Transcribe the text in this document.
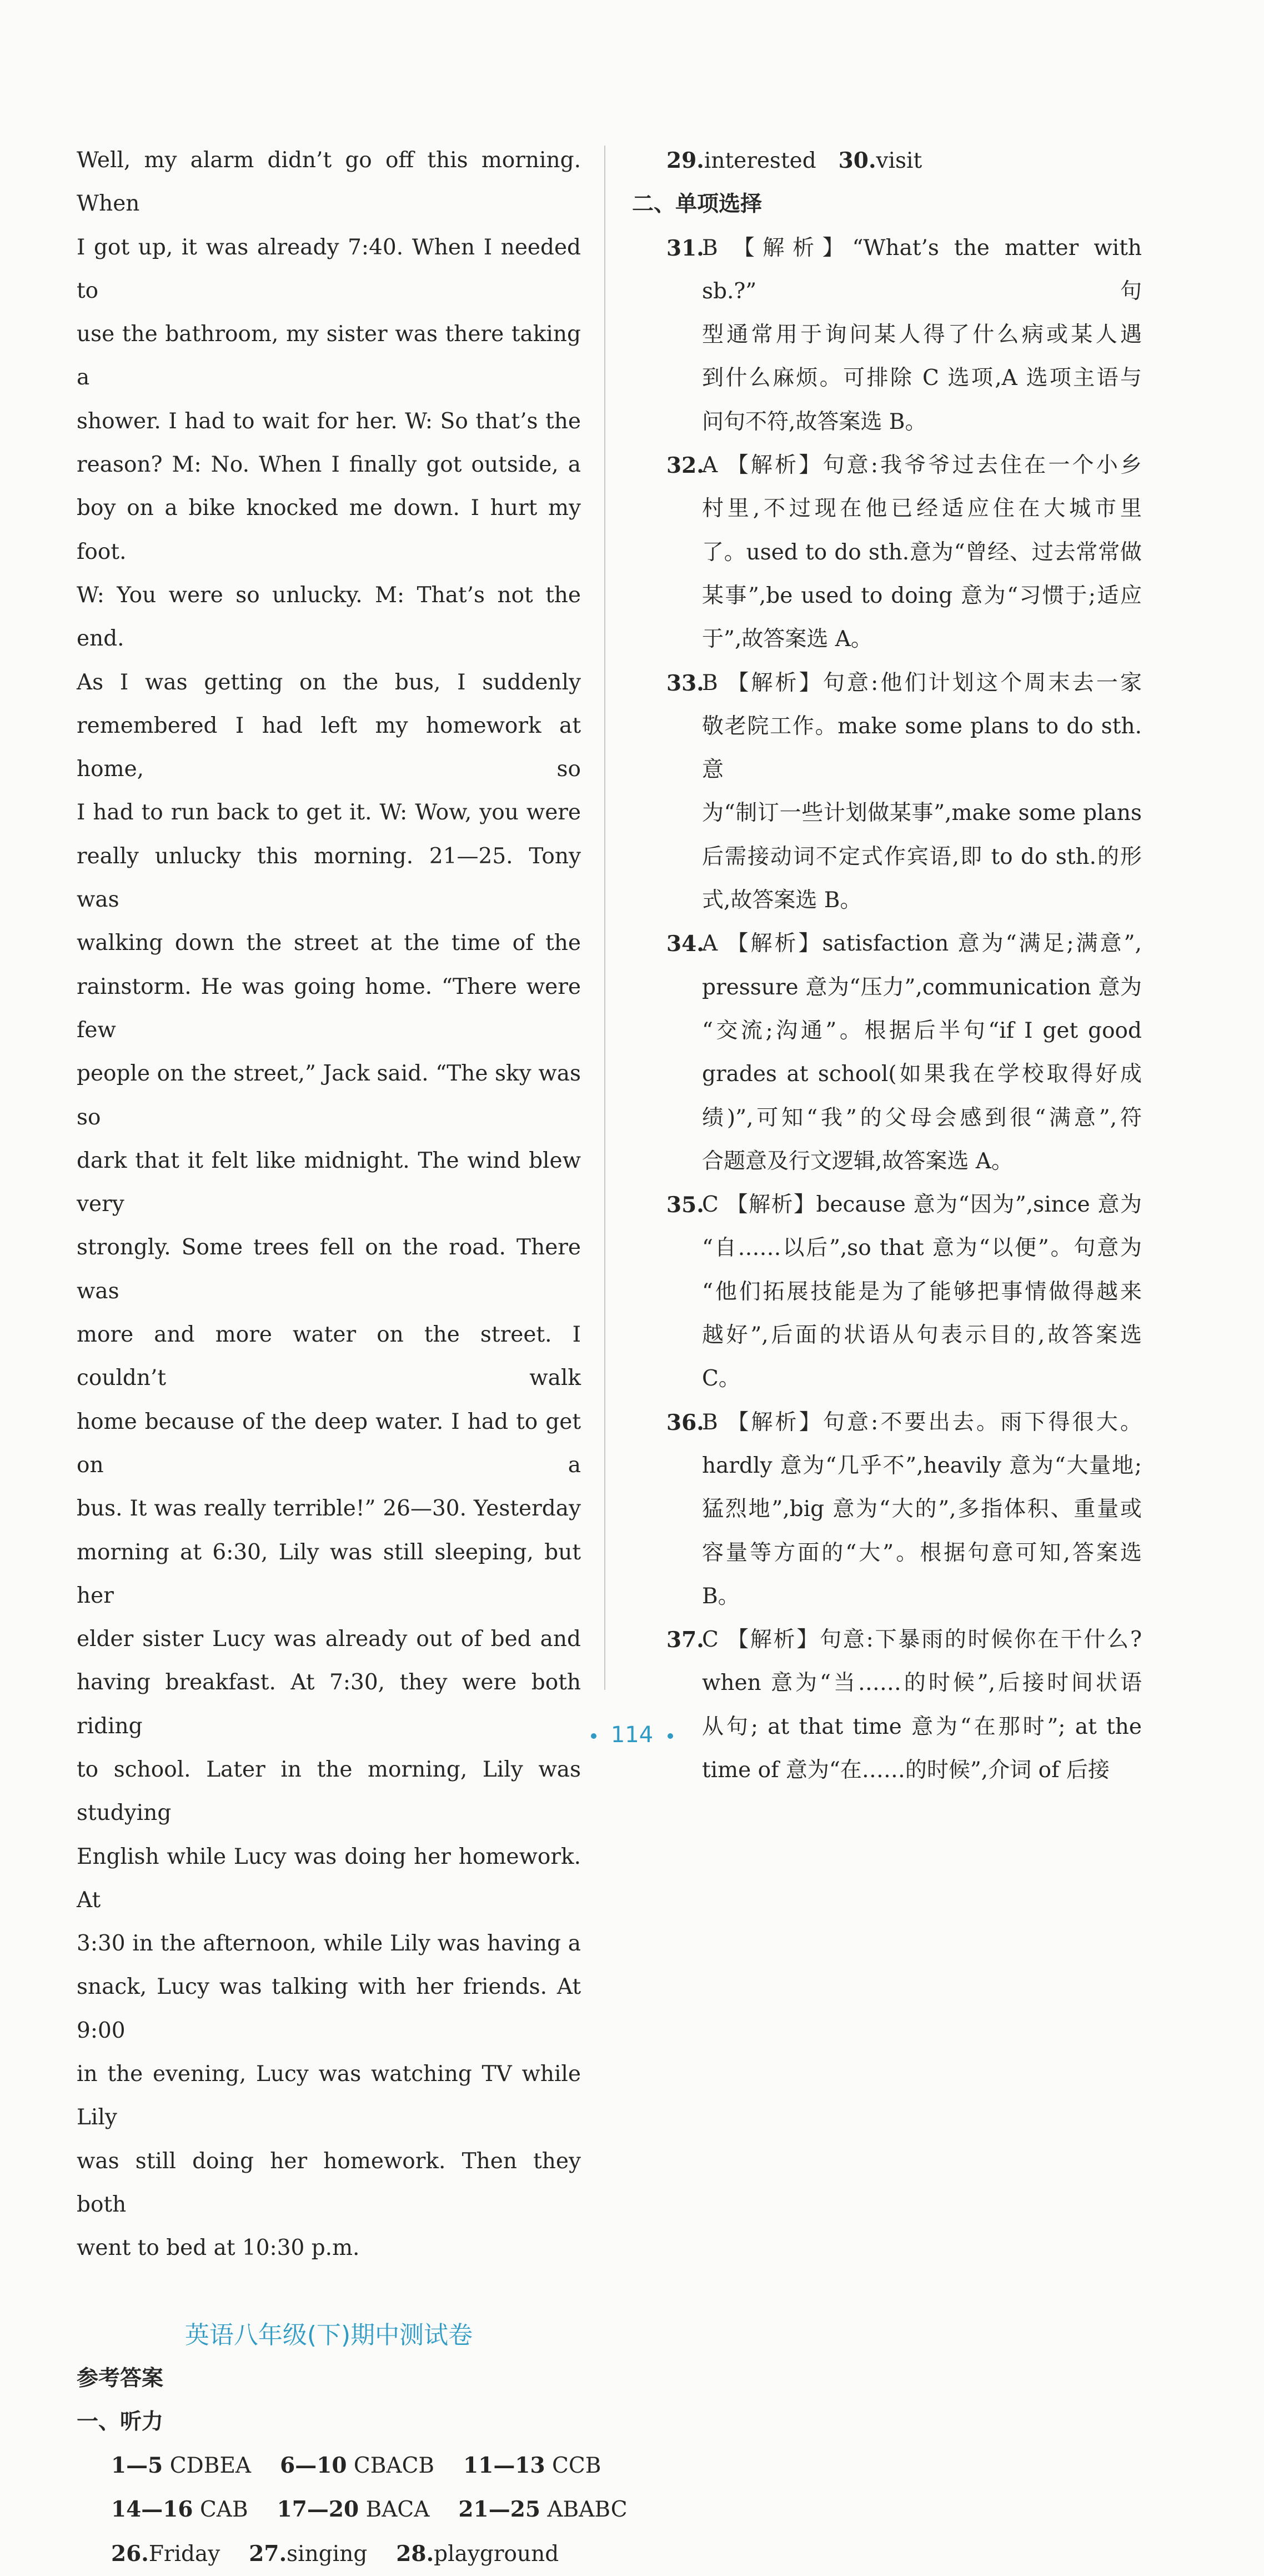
Well, my alarm didn’t go off this morning. When

I got up, it was already 7:40. When I needed to

use the bathroom, my sister was there taking a

shower. I had to wait for her. W: So that’s the

reason? M: No. When I finally got outside, a

boy on a bike knocked me down. I hurt my foot.

W: You were so unlucky. M: That’s not the end.

As I was getting on the bus, I suddenly

remembered I had left my homework at home, so

I had to run back to get it. W: Wow, you were

really unlucky this morning. 21—25. Tony was

walking down the street at the time of the

rainstorm. He was going home. “There were few

people on the street,” Jack said. “The sky was so

dark that it felt like midnight. The wind blew very

strongly. Some trees fell on the road. There was

more and more water on the street. I couldn’t walk

home because of the deep water. I had to get on a

bus. It was really terrible!” 26—30. Yesterday

morning at 6:30, Lily was still sleeping, but her

elder sister Lucy was already out of bed and

having breakfast. At 7:30, they were both riding

to school. Later in the morning, Lily was studying

English while Lucy was doing her homework. At

3:30 in the afternoon, while Lily was having a

snack, Lucy was talking with her friends. At 9:00

in the evening, Lucy was watching TV while Lily

was still doing her homework. Then they both

went to bed at 10:30 p.m.

英语八年级(下)期中测试卷

参考答案

一、听力

1—5 CDBEA 6—10 CBACB 11—13 CCB

14—16 CAB 17—20 BACA 21—25 ABABC

26.Friday 27.singing 28.playground

29.interested 30.visit

二、单项选择

31.

B 【解析】“What’s the matter with sb.?”句

型通常用于询问某人得了什么病或某人遇

到什么麻烦。可排除 C 选项,A 选项主语与

问句不符,故答案选 B。

32.

A 【解析】句意:我爷爷过去住在一个小乡

村里,不过现在他已经适应住在大城市里

了。used to do sth.意为“曾经、过去常常做

某事”,be used to doing 意为“习惯于;适应

于”,故答案选 A。

33.

B 【解析】句意:他们计划这个周末去一家

敬老院工作。make some plans to do sth.意

为“制订一些计划做某事”,make some plans

后需接动词不定式作宾语,即 to do sth.的形

式,故答案选 B。

34.

A 【解析】satisfaction 意为“满足;满意”,

pressure 意为“压力”,communication 意为

“交流;沟通”。根据后半句“if I get good

grades at school(如果我在学校取得好成

绩)”,可知“我”的父母会感到很“满意”,符

合题意及行文逻辑,故答案选 A。

35.

C 【解析】because 意为“因为”,since 意为

“自……以后”,so that 意为“以便”。句意为

“他们拓展技能是为了能够把事情做得越来

越好”,后面的状语从句表示目的,故答案选

C。

36.

B 【解析】句意:不要出去。雨下得很大。

hardly 意为“几乎不”,heavily 意为“大量地;

猛烈地”,big 意为“大的”,多指体积、重量或

容量等方面的“大”。根据句意可知,答案选

B。

37.

C 【解析】句意:下暴雨的时候你在干什么?

when 意为“当……的时候”,后接时间状语

从句; at that time 意为“在那时”; at the

time of 意为“在……的时候”,介词 of 后接

114
